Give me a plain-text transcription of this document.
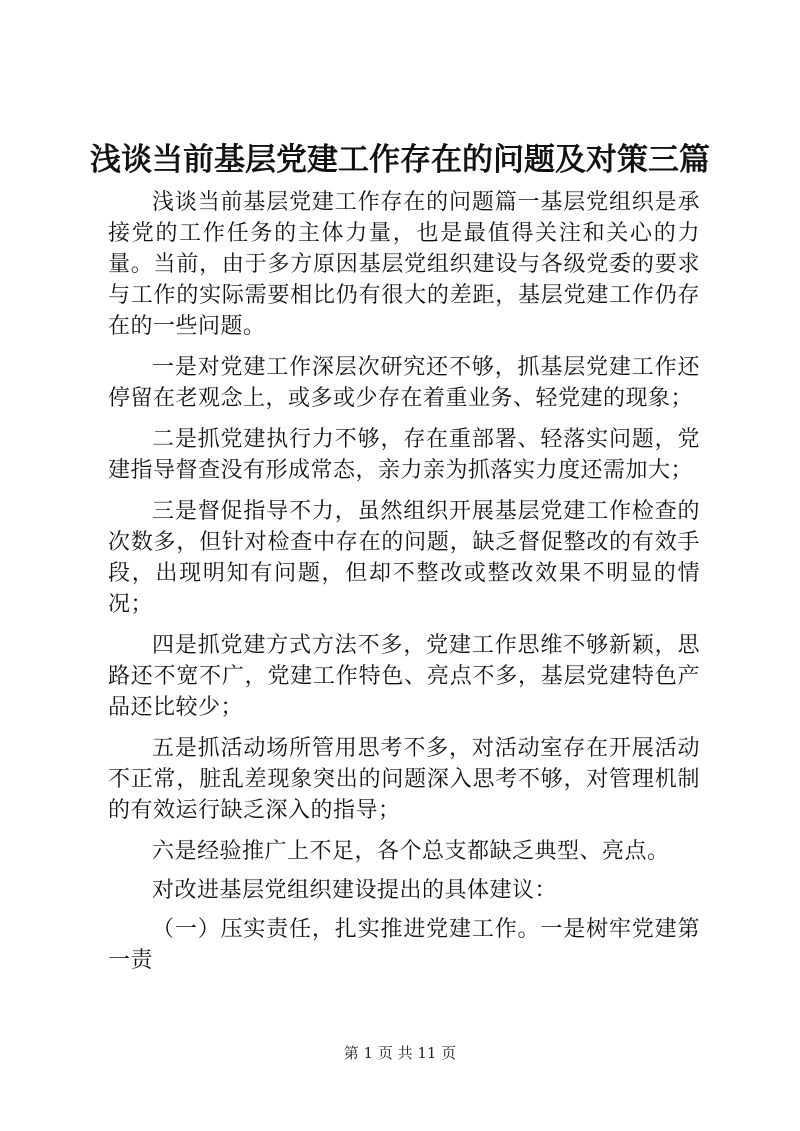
浅谈当前基层党建工作存在的问题及对策三篇

浅谈当前基层党建工作存在的问题篇一基层党组织是承接党的工作任务的主体力量，也是最值得关注和关心的力量。当前，由于多方原因基层党组织建设与各级党委的要求与工作的实际需要相比仍有很大的差距，基层党建工作仍存在的一些问题。

一是对党建工作深层次研究还不够，抓基层党建工作还停留在老观念上，或多或少存在着重业务、轻党建的现象；

二是抓党建执行力不够，存在重部署、轻落实问题，党建指导督查没有形成常态，亲力亲为抓落实力度还需加大；

三是督促指导不力，虽然组织开展基层党建工作检查的次数多，但针对检查中存在的问题，缺乏督促整改的有效手段，出现明知有问题，但却不整改或整改效果不明显的情况；

四是抓党建方式方法不多，党建工作思维不够新颖，思路还不宽不广，党建工作特色、亮点不多，基层党建特色产品还比较少；

五是抓活动场所管用思考不多，对活动室存在开展活动不正常，脏乱差现象突出的问题深入思考不够，对管理机制的有效运行缺乏深入的指导；

六是经验推广上不足，各个总支都缺乏典型、亮点。

对改进基层党组织建设提出的具体建议：

（一）压实责任，扎实推进党建工作。一是树牢党建第一责

第 1 页 共 11 页
